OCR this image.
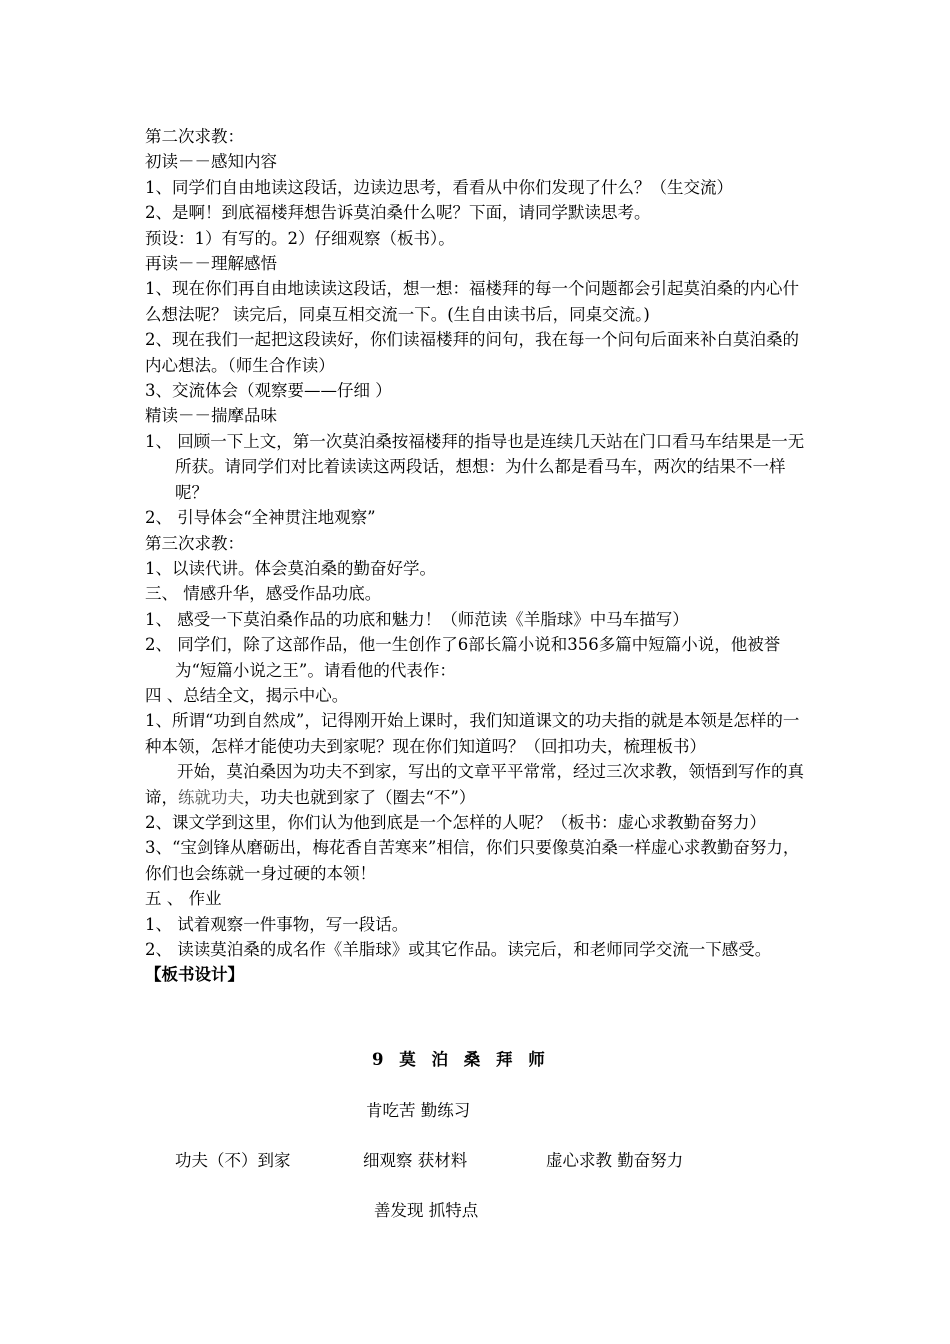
第二次求教：
初读－－感知内容
1、同学们自由地读这段话，边读边思考，看看从中你们发现了什么？（生交流）
2、是啊！到底福楼拜想告诉莫泊桑什么呢？下面，请同学默读思考。
预设：1）有写的。2）仔细观察（板书）。
再读－－理解感悟
1、现在你们再自由地读读这段话，想一想：福楼拜的每一个问题都会引起莫泊桑的内心什么想法呢？ 读完后，同桌互相交流一下。(生自由读书后，同桌交流。)
2、现在我们一起把这段读好，你们读福楼拜的问句，我在每一个问句后面来补白莫泊桑的内心想法。（师生合作读）
3、交流体会（观察要——仔细 ）
精读－－揣摩品味
1、 回顾一下上文，第一次莫泊桑按福楼拜的指导也是连续几天站在门口看马车结果是一无所获。请同学们对比着读读这两段话，想想：为什么都是看马车，两次的结果不一样呢？
2、 引导体会“全神贯注地观察”
第三次求教：
1、以读代讲。体会莫泊桑的勤奋好学。
三、 情感升华，感受作品功底。
1、 感受一下莫泊桑作品的功底和魅力！（师范读《羊脂球》中马车描写）
2、 同学们，除了这部作品，他一生创作了6部长篇小说和356多篇中短篇小说，他被誉为“短篇小说之王”。请看他的代表作：
四 、总结全文，揭示中心。
1、所谓“功到自然成”，记得刚开始上课时，我们知道课文的功夫指的就是本领是怎样的一种本领，怎样才能使功夫到家呢？现在你们知道吗？（回扣功夫，梳理板书）
开始，莫泊桑因为功夫不到家，写出的文章平平常常，经过三次求教，领悟到写作的真谛，练就功夫，功夫也就到家了（圈去“不”）
2、课文学到这里，你们认为他到底是一个怎样的人呢？（板书：虚心求教勤奋努力）
3、“宝剑锋从磨砺出，梅花香自苦寒来”相信，你们只要像莫泊桑一样虚心求教勤奋努力，你们也会练就一身过硬的本领！
五 、 作业
1、 试着观察一件事物，写一段话。
2、 读读莫泊桑的成名作《羊脂球》或其它作品。读完后，和老师同学交流一下感受。
【板书设计】
9 莫 泊 桑 拜 师
肯吃苦 勤练习
功夫（不）到家	细观察 获材料	虚心求教 勤奋努力
善发现 抓特点
